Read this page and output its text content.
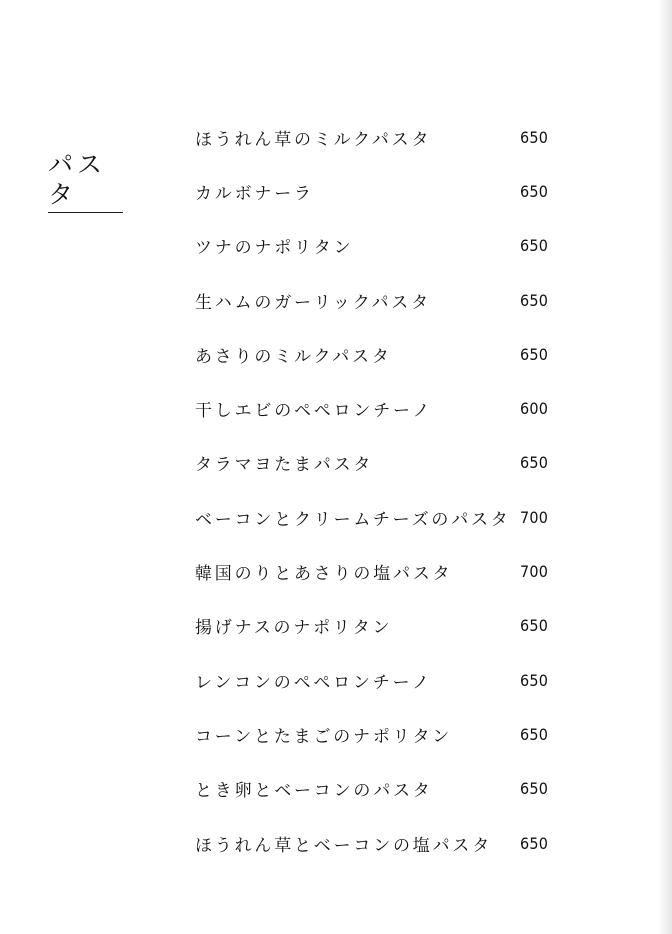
パスタ
ほうれん草のミルクパスタ	650
カルボナーラ	650
ツナのナポリタン	650
生ハムのガーリックパスタ	650
あさりのミルクパスタ	650
干しエビのペペロンチーノ	600
タラマヨたまパスタ	650
ベーコンとクリームチーズのパスタ 700
韓国のりとあさりの塩パスタ	700
揚げナスのナポリタン	650
レンコンのペペロンチーノ	650
コーンとたまごのナポリタン	650
とき卵とベーコンのパスタ	650
ほうれん草とベーコンの塩パスタ	650
